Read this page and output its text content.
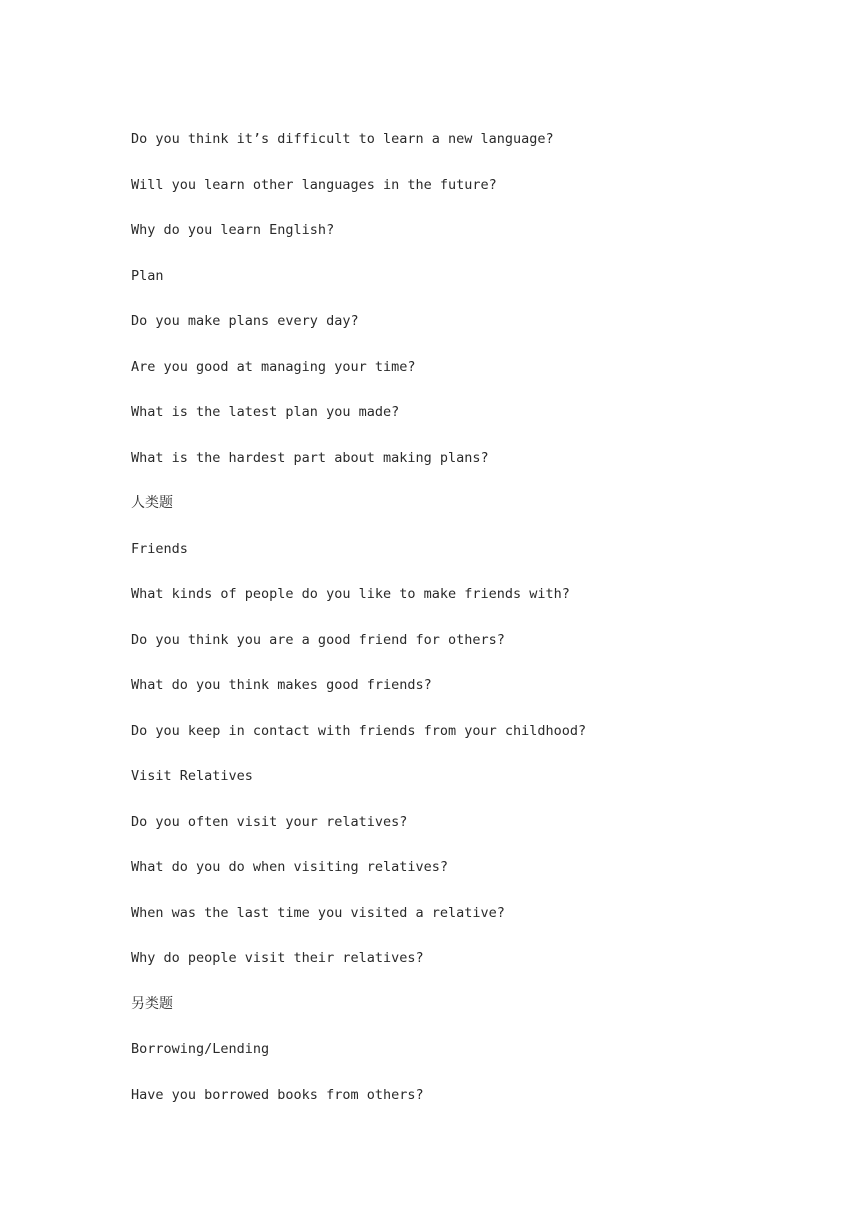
Do you think it’s difficult to learn a new language?
Will you learn other languages in the future?
Why do you learn English?
Plan
Do you make plans every day?
Are you good at managing your time?
What is the latest plan you made?
What is the hardest part about making plans?
人类题
Friends
What kinds of people do you like to make friends with?
Do you think you are a good friend for others?
What do you think makes good friends?
Do you keep in contact with friends from your childhood?
Visit Relatives
Do you often visit your relatives?
What do you do when visiting relatives?
When was the last time you visited a relative?
Why do people visit their relatives?
另类题
Borrowing/Lending
Have you borrowed books from others?
